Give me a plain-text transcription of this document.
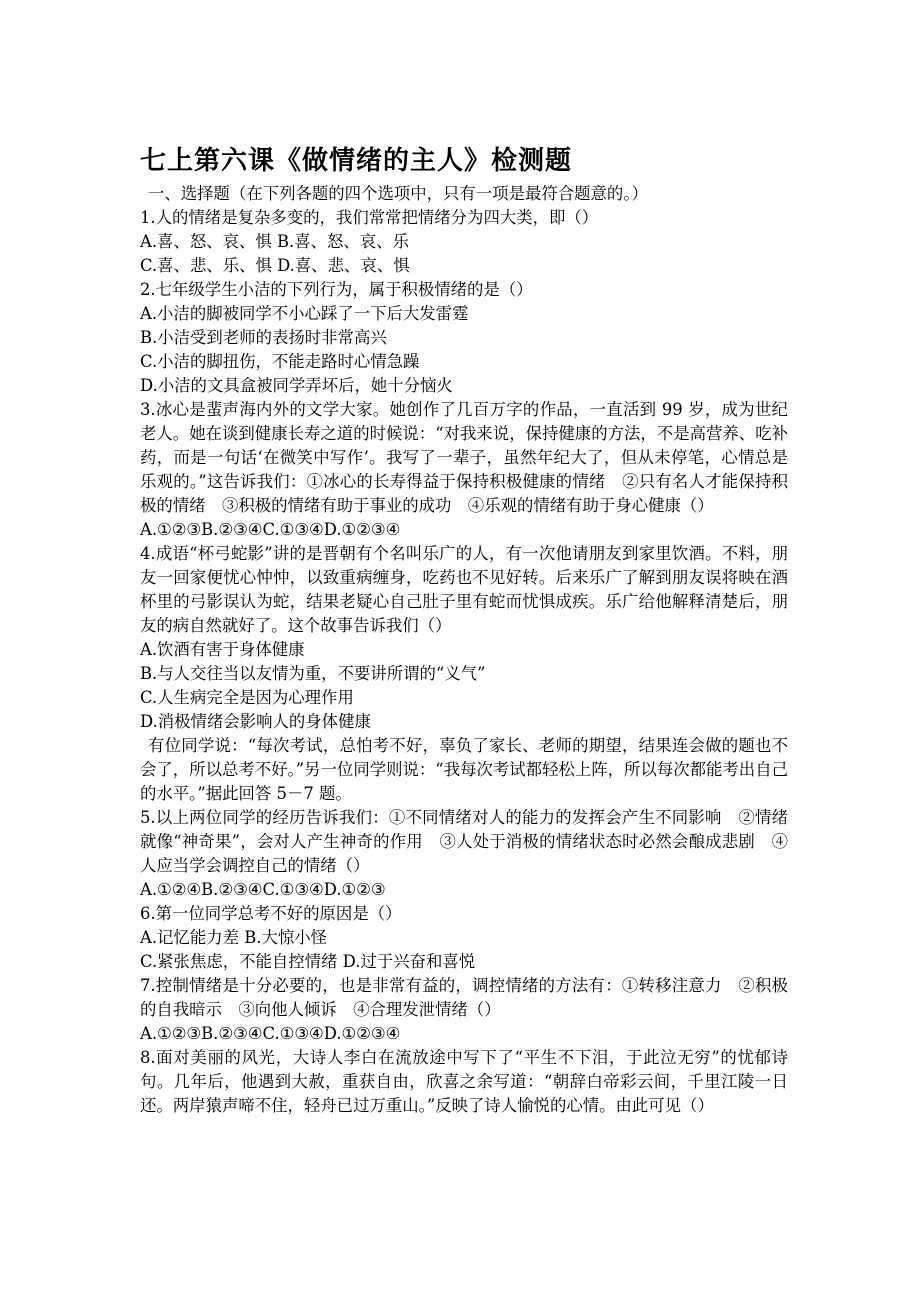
七上第六课《做情绪的主人》检测题

一、选择题（在下列各题的四个选项中，只有一项是最符合题意的。）

1.人的情绪是复杂多变的，我们常常把情绪分为四大类，即（）

A.喜、怒、哀、惧 B.喜、怒、哀、乐

C.喜、悲、乐、惧 D.喜、悲、哀、惧

2.七年级学生小洁的下列行为，属于积极情绪的是（）

A.小洁的脚被同学不小心踩了一下后大发雷霆

B.小洁受到老师的表扬时非常高兴

C.小洁的脚扭伤，不能走路时心情急躁

D.小洁的文具盒被同学弄坏后，她十分恼火

3.冰心是蜚声海内外的文学大家。她创作了几百万字的作品，一直活到 99 岁，成为世纪老人。她在谈到健康长寿之道的时候说：“对我来说，保持健康的方法，不是高营养、吃补药，而是一句话‘在微笑中写作’。我写了一辈子，虽然年纪大了，但从未停笔，心情总是乐观的。”这告诉我们：①冰心的长寿得益于保持积极健康的情绪　②只有名人才能保持积极的情绪　③积极的情绪有助于事业的成功　④乐观的情绪有助于身心健康（）

A.①②③B.②③④C.①③④D.①②③④

4.成语“杯弓蛇影”讲的是晋朝有个名叫乐广的人，有一次他请朋友到家里饮酒。不料，朋友一回家便忧心忡忡，以致重病缠身，吃药也不见好转。后来乐广了解到朋友误将映在酒杯里的弓影误认为蛇，结果老疑心自己肚子里有蛇而忧惧成疾。乐广给他解释清楚后，朋友的病自然就好了。这个故事告诉我们（）

A.饮酒有害于身体健康

B.与人交往当以友情为重，不要讲所谓的“义气”

C.人生病完全是因为心理作用

D.消极情绪会影响人的身体健康

有位同学说：“每次考试，总怕考不好，辜负了家长、老师的期望，结果连会做的题也不会了，所以总考不好。”另一位同学则说：“我每次考试都轻松上阵，所以每次都能考出自己的水平。”据此回答 5－7 题。

5.以上两位同学的经历告诉我们：①不同情绪对人的能力的发挥会产生不同影响　②情绪就像“神奇果”，会对人产生神奇的作用　③人处于消极的情绪状态时必然会酿成悲剧　④人应当学会调控自己的情绪（）

A.①②④B.②③④C.①③④D.①②③

6.第一位同学总考不好的原因是（）

A.记忆能力差 B.大惊小怪

C.紧张焦虑，不能自控情绪 D.过于兴奋和喜悦

7.控制情绪是十分必要的，也是非常有益的，调控情绪的方法有：①转移注意力　②积极的自我暗示　③向他人倾诉　④合理发泄情绪（）

A.①②③B.②③④C.①③④D.①②③④

8.面对美丽的风光，大诗人李白在流放途中写下了“平生不下泪，于此泣无穷”的忧郁诗句。几年后，他遇到大赦，重获自由，欣喜之余写道：“朝辞白帝彩云间，千里江陵一日还。两岸猿声啼不住，轻舟已过万重山。”反映了诗人愉悦的心情。由此可见（）
